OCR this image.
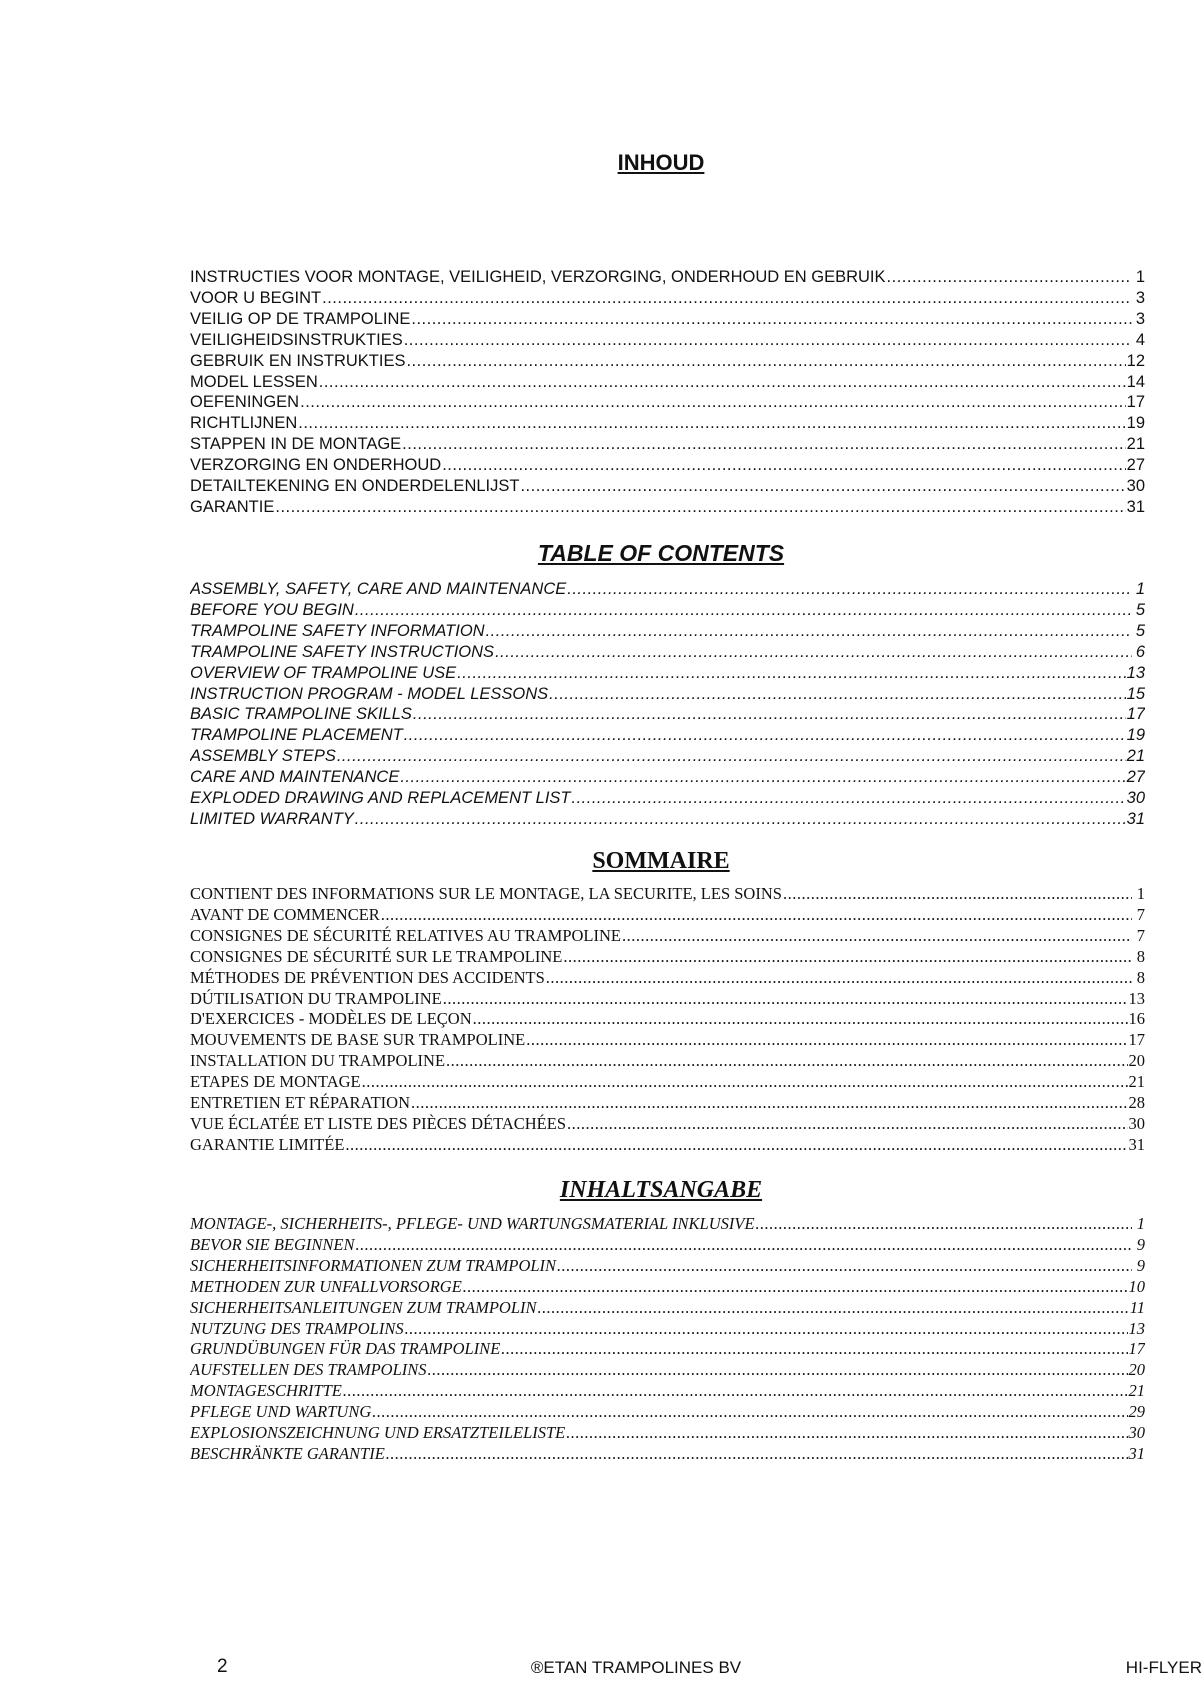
INHOUD
INSTRUCTIES VOOR MONTAGE, VEILIGHEID, VERZORGING, ONDERHOUD EN GEBRUIK .....	1
VOOR U BEGINT .....	3
VEILIG OP DE TRAMPOLINE .....	3
VEILIGHEIDSINSTRUKTIES .....	4
GEBRUIK EN INSTRUKTIES .....	12
MODEL LESSEN .....	14
OEFENINGEN .....	17
RICHTLIJNEN .....	19
STAPPEN IN DE MONTAGE .....	21
VERZORGING EN ONDERHOUD .....	27
DETAILTEKENING EN ONDERDELENLIJST .....	30
GARANTIE .....	31
TABLE OF CONTENTS
ASSEMBLY, SAFETY, CARE AND MAINTENANCE .....	1
BEFORE YOU BEGIN .....	5
TRAMPOLINE SAFETY INFORMATION .....	5
TRAMPOLINE SAFETY INSTRUCTIONS .....	6
OVERVIEW OF TRAMPOLINE USE .....	13
INSTRUCTION PROGRAM - MODEL LESSONS .....	15
BASIC TRAMPOLINE SKILLS .....	17
TRAMPOLINE PLACEMENT .....	19
ASSEMBLY STEPS .....	21
CARE AND MAINTENANCE .....	27
EXPLODED DRAWING AND REPLACEMENT LIST .....	30
LIMITED WARRANTY .....	31
SOMMAIRE
CONTIENT DES INFORMATIONS SUR LE MONTAGE, LA SECURITE, LES SOINS .....	1
AVANT DE COMMENCER .....	7
CONSIGNES DE SÉCURITÉ RELATIVES AU TRAMPOLINE .....	7
CONSIGNES DE SÉCURITÉ SUR LE TRAMPOLINE .....	8
MÉTHODES DE PRÉVENTION DES ACCIDENTS .....	8
DÚTILISATION DU TRAMPOLINE .....	13
D'EXERCICES - MODÈLES DE LEÇON .....	16
MOUVEMENTS DE BASE SUR TRAMPOLINE .....	17
INSTALLATION DU TRAMPOLINE .....	20
ETAPES DE MONTAGE .....	21
ENTRETIEN ET RÉPARATION .....	28
VUE ÉCLATÉE ET LISTE DES PIÈCES DÉTACHÉES .....	30
GARANTIE LIMITÉE .....	31
INHALTSANGABE
MONTAGE-, SICHERHEITS-, PFLEGE- UND WARTUNGSMATERIAL INKLUSIVE .....	1
BEVOR SIE BEGINNEN .....	9
SICHERHEITSINFORMATIONEN ZUM TRAMPOLIN .....	9
METHODEN ZUR UNFALLVORSORGE .....	10
SICHERHEITSANLEITUNGEN ZUM TRAMPOLIN .....	11
NUTZUNG DES TRAMPOLINS .....	13
GRUNDÜBUNGEN FÜR DAS TRAMPOLINE .....	17
AUFSTELLEN DES TRAMPOLINS .....	20
MONTAGESCHRITTE .....	21
PFLEGE UND WARTUNG .....	29
EXPLOSIONSZEICHNUNG UND ERSATZTEILELISTE .....	30
BESCHRÄNKTE GARANTIE .....	31
2	®ETAN TRAMPOLINES BV	HI-FLYER
